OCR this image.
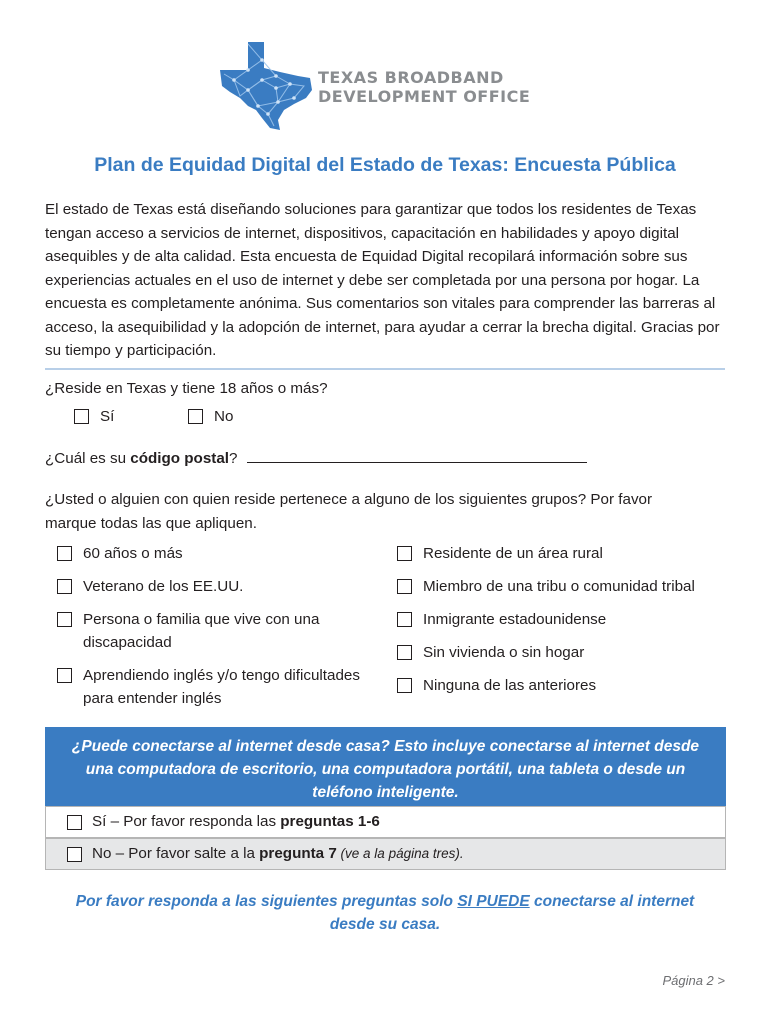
TEXAS BROADBAND
DEVELOPMENT OFFICE
Plan de Equidad Digital del Estado de Texas: Encuesta Pública
El estado de Texas está diseñando soluciones para garantizar que todos los residentes de Texas tengan acceso a servicios de internet, dispositivos, capacitación en habilidades y apoyo digital asequibles y de alta calidad. Esta encuesta de Equidad Digital recopilará información sobre sus experiencias actuales en el uso de internet y debe ser completada por una persona por hogar. La encuesta es completamente anónima. Sus comentarios son vitales para comprender las barreras al acceso, la asequibilidad y la adopción de internet, para ayudar a cerrar la brecha digital. Gracias por su tiempo y participación.
¿Reside en Texas y tiene 18 años o más?
Sí	No
¿Cuál es su código postal?
¿Usted o alguien con quien reside pertenece a alguno de los siguientes grupos? Por favor marque todas las que apliquen.
60 años o más
Veterano de los EE.UU.
Persona o familia que vive con una discapacidad
Aprendiendo inglés y/o tengo dificultades para entender inglés
Residente de un área rural
Miembro de una tribu o comunidad tribal
Inmigrante estadounidense
Sin vivienda o sin hogar
Ninguna de las anteriores
¿Puede conectarse al internet desde casa? Esto incluye conectarse al internet desde una computadora de escritorio, una computadora portátil, una tableta o desde un teléfono inteligente.
Sí – Por favor responda las preguntas 1-6
No – Por favor salte a la pregunta 7 (ve a la página tres).
Por favor responda a las siguientes preguntas solo SI PUEDE conectarse al internet desde su casa.
Página 2 >
